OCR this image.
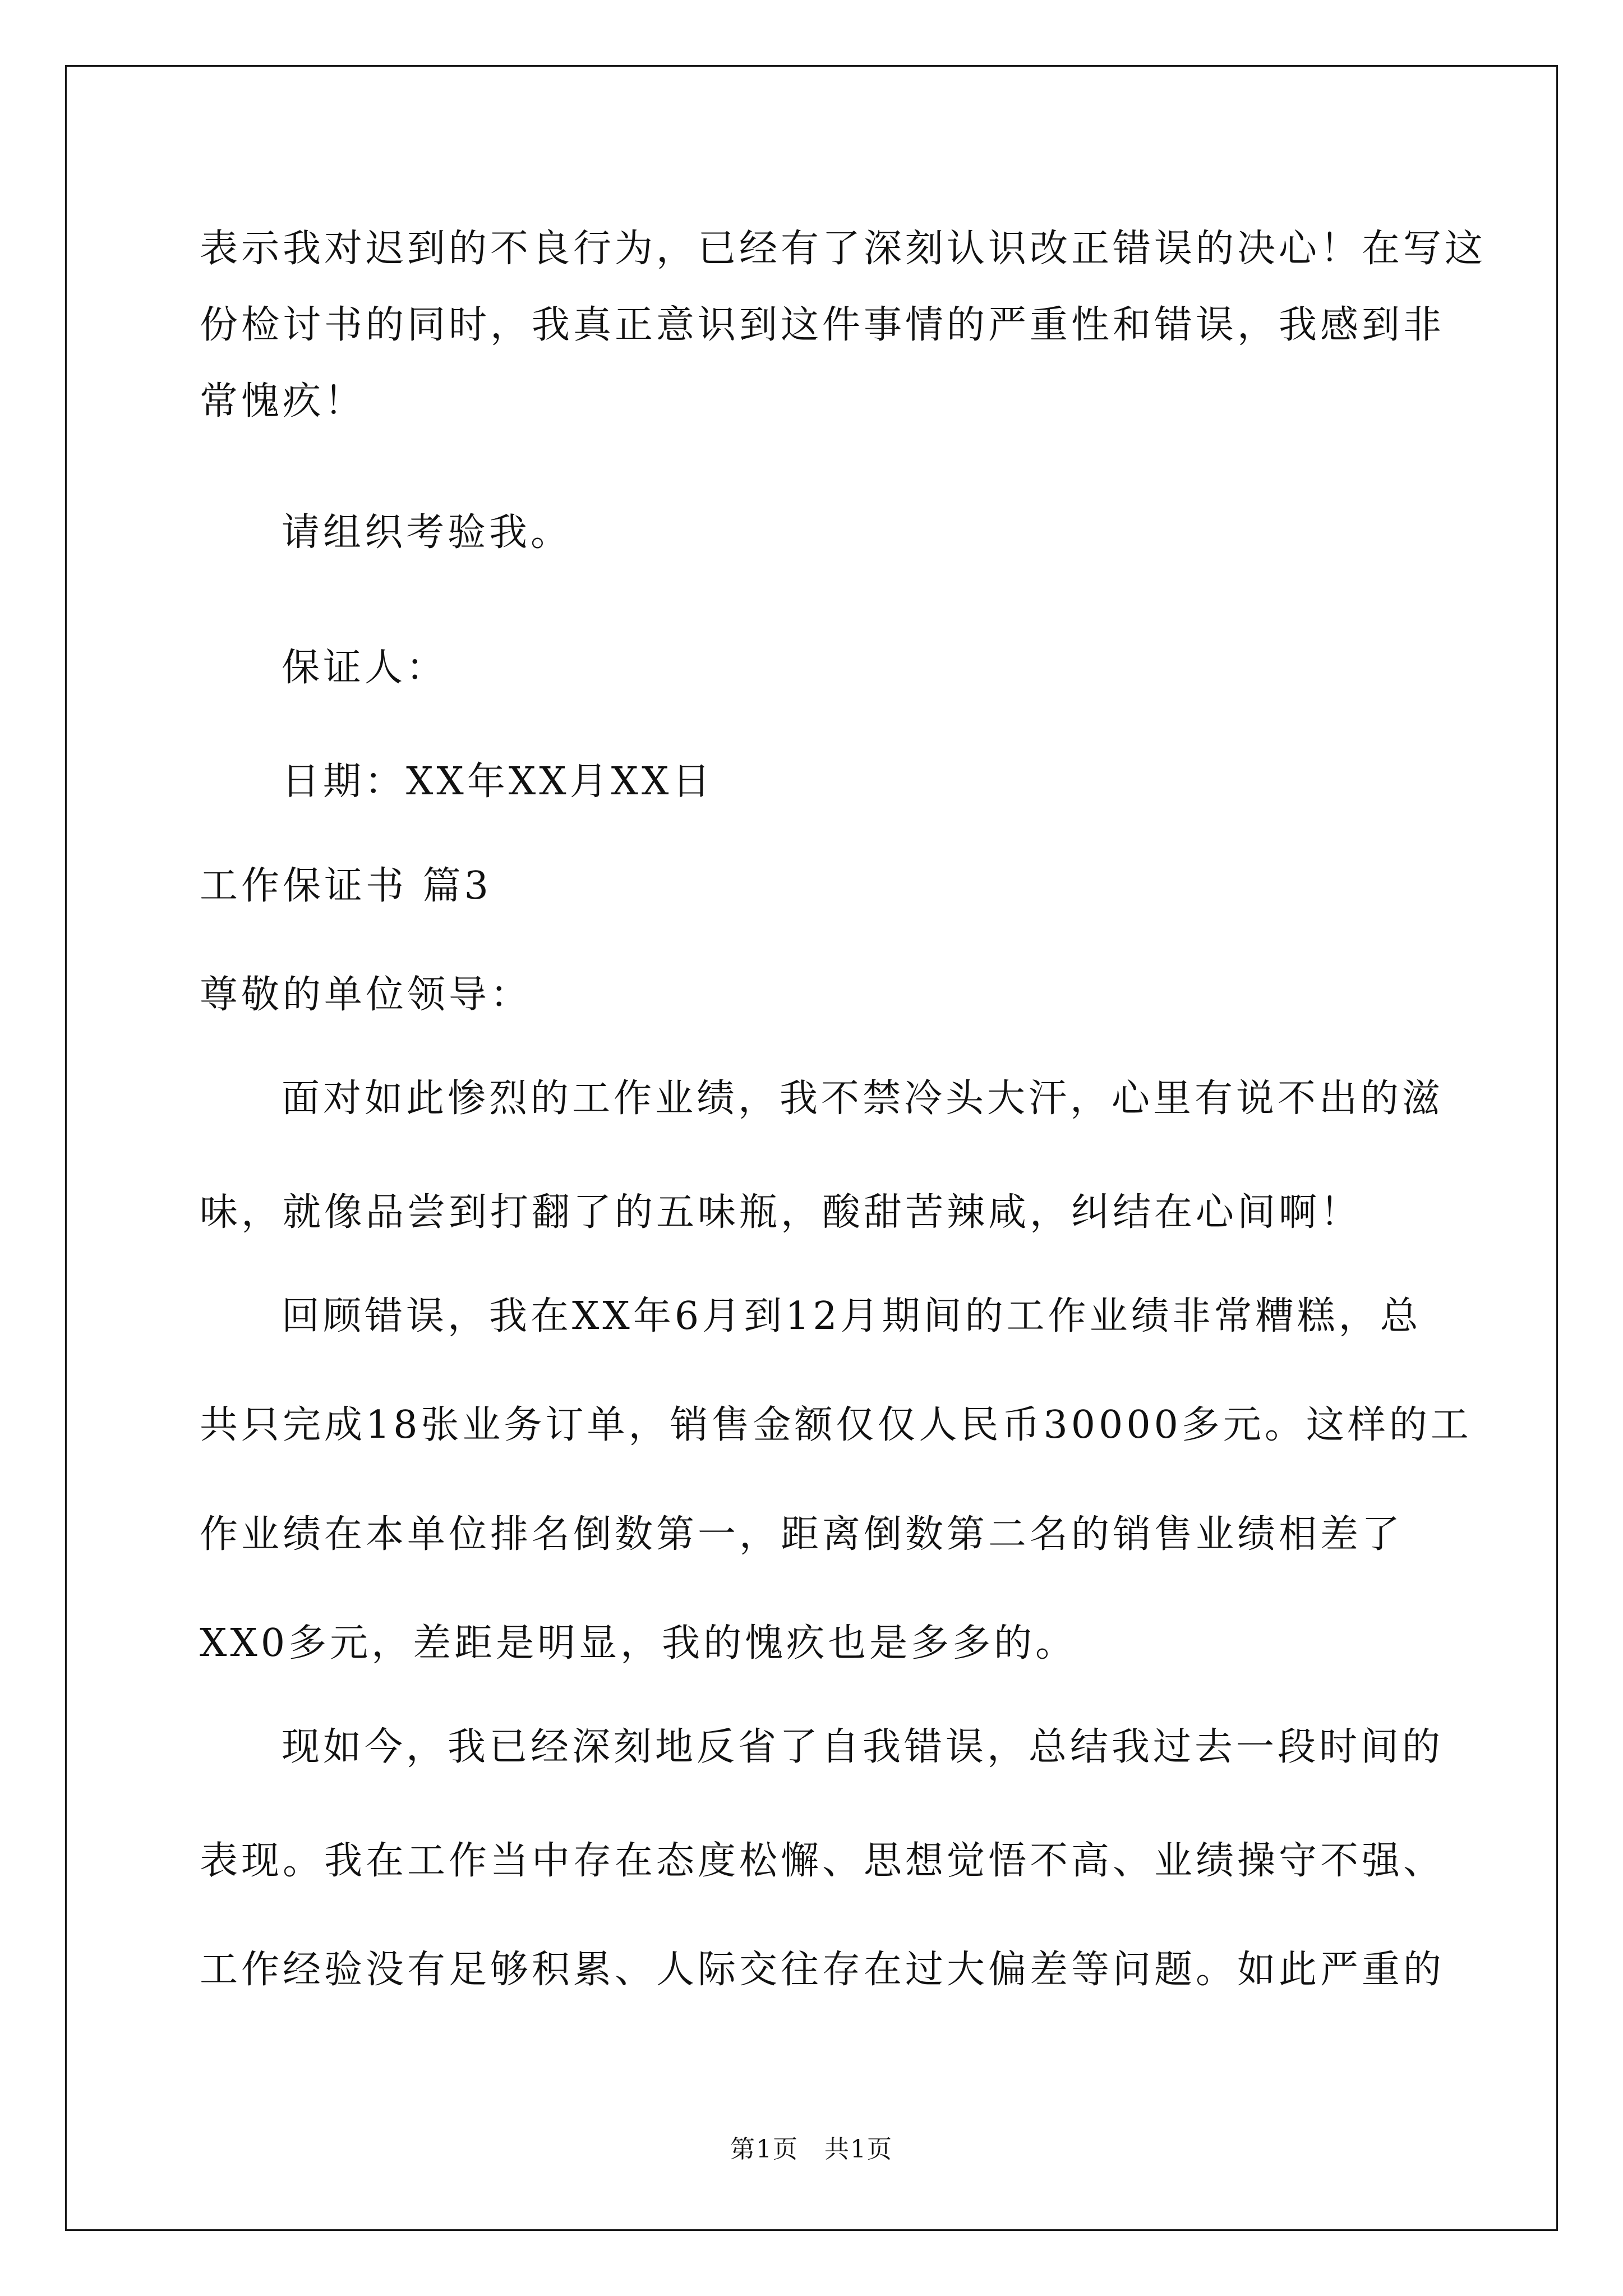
表示我对迟到的不良行为，已经有了深刻认识改正错误的决心！在写这
份检讨书的同时，我真正意识到这件事情的严重性和错误，我感到非
常愧疚！
请组织考验我。
保证人：
日期：XX年XX月XX日
工作保证书 篇3
尊敬的单位领导：
面对如此惨烈的工作业绩，我不禁冷头大汗，心里有说不出的滋
味，就像品尝到打翻了的五味瓶，酸甜苦辣咸，纠结在心间啊！
回顾错误，我在XX年6月到12月期间的工作业绩非常糟糕，总
共只完成18张业务订单，销售金额仅仅人民币30000多元。这样的工
作业绩在本单位排名倒数第一，距离倒数第二名的销售业绩相差了
XX0多元，差距是明显，我的愧疚也是多多的。
现如今，我已经深刻地反省了自我错误，总结我过去一段时间的
表现。我在工作当中存在态度松懈、思想觉悟不高、业绩操守不强、
工作经验没有足够积累、人际交往存在过大偏差等问题。如此严重的
第1页　共1页
